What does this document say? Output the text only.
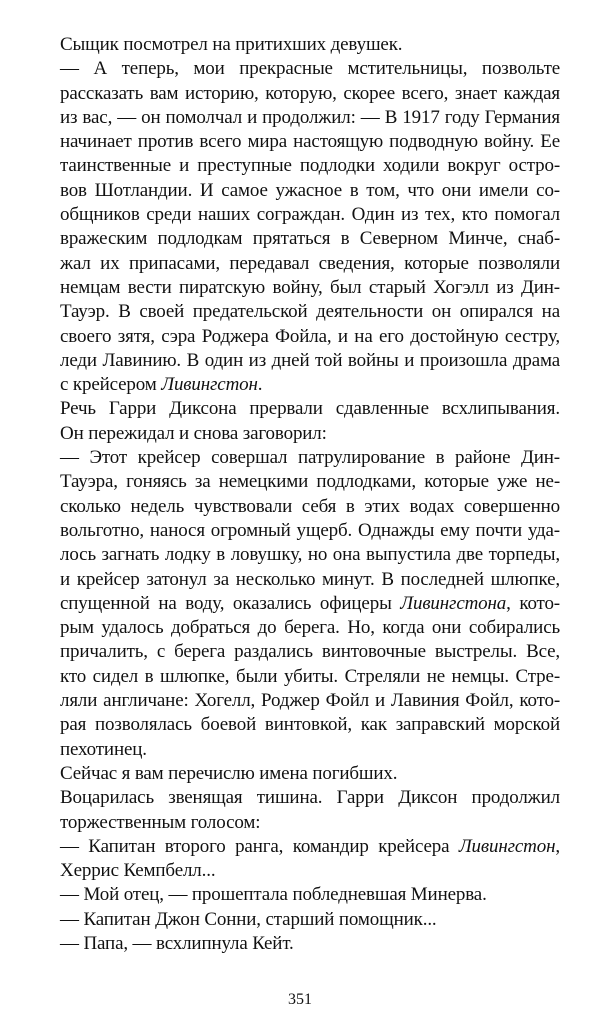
Сыщик посмотрел на притихших девушек.
— А теперь, мои прекрасные мстительницы, позвольте
рассказать вам историю, которую, скорее всего, знает каждая
из вас, — он помолчал и продолжил: — В 1917 году Германия
начинает против всего мира настоящую подводную войну. Ее
таинственные и преступные подлодки ходили вокруг остро-
вов Шотландии. И самое ужасное в том, что они имели со-
общников среди наших сограждан. Один из тех, кто помогал
вражеским подлодкам прятаться в Северном Минче, снаб-
жал их припасами, передавал сведения, которые позволяли
немцам вести пиратскую войну, был старый Хогэлл из Дин-
Тауэр. В своей предательской деятельности он опирался на
своего зятя, сэра Роджера Фойла, и на его достойную сестру,
леди Лавинию. В один из дней той войны и произошла драма
с крейсером Ливингстон.
Речь Гарри Диксона прервали сдавленные всхлипывания.
Он пережидал и снова заговорил:
— Этот крейсер совершал патрулирование в районе Дин-
Тауэра, гоняясь за немецкими подлодками, которые уже не-
сколько недель чувствовали себя в этих водах совершенно
вольготно, нанося огромный ущерб. Однажды ему почти уда-
лось загнать лодку в ловушку, но она выпустила две торпеды,
и крейсер затонул за несколько минут. В последней шлюпке,
спущенной на воду, оказались офицеры Ливингстона, кото-
рым удалось добраться до берега. Но, когда они собирались
причалить, с берега раздались винтовочные выстрелы. Все,
кто сидел в шлюпке, были убиты. Стреляли не немцы. Стре-
ляли англичане: Хогелл, Роджер Фойл и Лавиния Фойл, кото-
рая позволялась боевой винтовкой, как заправский морской
пехотинец.
Сейчас я вам перечислю имена погибших.
Воцарилась звенящая тишина. Гарри Диксон продолжил
торжественным голосом:
— Капитан второго ранга, командир крейсера Ливингстон,
Херрис Кемпбелл...
— Мой отец, — прошептала побледневшая Минерва.
— Капитан Джон Сонни, старший помощник...
— Папа, — всхлипнула Кейт.
351
